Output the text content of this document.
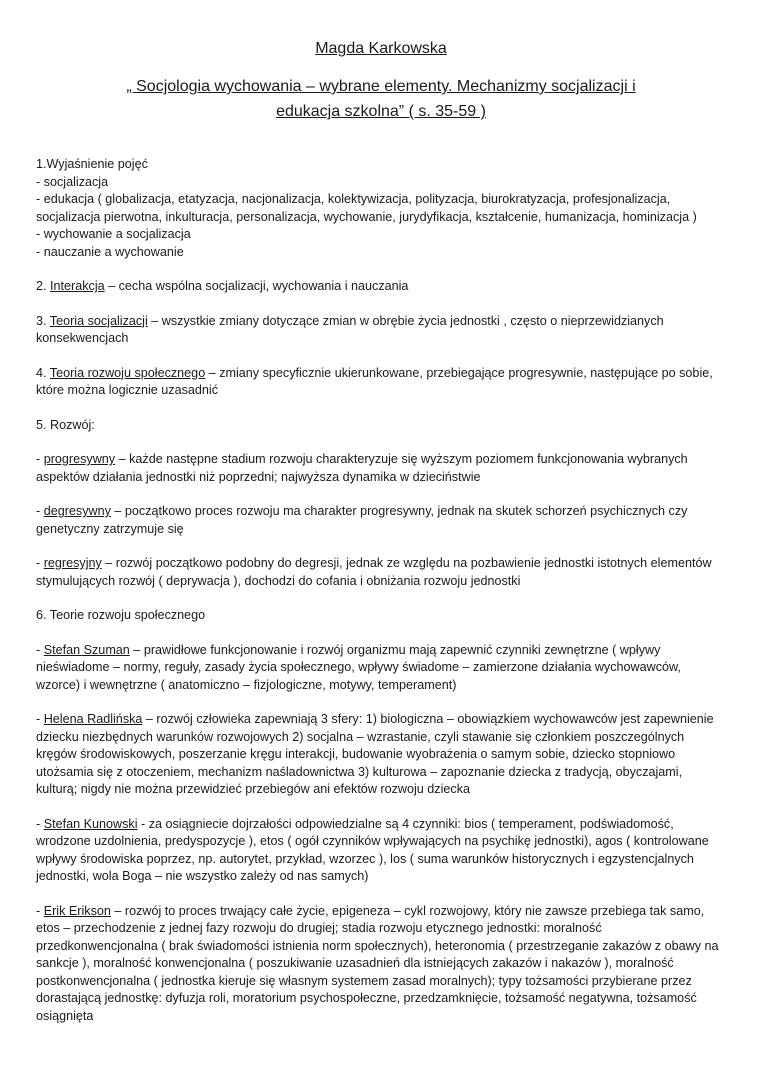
Magda Karkowska
„ Socjologia wychowania – wybrane elementy. Mechanizmy socjalizacji i edukacja szkolna” ( s. 35-59 )

1.Wyjaśnienie pojęć

- socjalizacja

- edukacja ( globalizacja, etatyzacja, nacjonalizacja, kolektywizacja, polityzacja, biurokratyzacja, profesjonalizacja, socjalizacja pierwotna, inkulturacja, personalizacja, wychowanie, jurydyfikacja, kształcenie, humanizacja, hominizacja )

- wychowanie a socjalizacja

- nauczanie a wychowanie

2. Interakcja – cecha wspólna socjalizacji, wychowania i nauczania

3. Teoria socjalizacji – wszystkie zmiany dotyczące zmian w obrębie życia jednostki , często o nieprzewidzianych konsekwencjach

4. Teoria rozwoju społecznego – zmiany specyficznie ukierunkowane, przebiegające progresywnie, następujące po sobie, które można logicznie uzasadnić

5. Rozwój:

- progresywny – każde następne stadium rozwoju charakteryzuje się wyższym poziomem funkcjonowania wybranych aspektów działania jednostki niż poprzedni; najwyższa dynamika w dzieciństwie

- degresywny – początkowo proces rozwoju ma charakter progresywny, jednak na skutek schorzeń psychicznych czy genetyczny zatrzymuje się

- regresyjny – rozwój początkowo podobny do degresji, jednak ze względu na pozbawienie jednostki istotnych elementów stymulujących rozwój ( deprywacja ), dochodzi do cofania i obniżania rozwoju jednostki

6. Teorie rozwoju społecznego

- Stefan Szuman – prawidłowe funkcjonowanie i rozwój organizmu mają zapewnić czynniki zewnętrzne ( wpływy nieświadome – normy, reguły, zasady życia społecznego, wpływy świadome – zamierzone działania wychowawców, wzorce) i wewnętrzne ( anatomiczno – fizjologiczne, motywy, temperament)

- Helena Radlińska – rozwój człowieka zapewniają 3 sfery: 1) biologiczna – obowiązkiem wychowawców jest zapewnienie dziecku niezbędnych warunków rozwojowych 2) socjalna – wzrastanie, czyli stawanie się członkiem poszczególnych kręgów środowiskowych, poszerzanie kręgu interakcji, budowanie wyobrażenia o samym sobie, dziecko stopniowo utożsamia się z otoczeniem, mechanizm naśladownictwa 3) kulturowa – zapoznanie dziecka z tradycją, obyczajami, kulturą; nigdy nie można przewidzieć przebiegów ani efektów rozwoju dziecka

- Stefan Kunowski - za osiągniecie dojrzałości odpowiedzialne są 4 czynniki: bios ( temperament, podświadomość, wrodzone uzdolnienia, predyspozycje ), etos ( ogół czynników wpływających na psychikę jednostki), agos ( kontrolowane wpływy środowiska poprzez, np. autorytet, przykład, wzorzec ), los ( suma warunków historycznych i egzystencjalnych jednostki, wola Boga – nie wszystko zależy od nas samych)

- Erik Erikson – rozwój to proces trwający całe życie, epigeneza – cykl rozwojowy, który nie zawsze przebiega tak samo, etos – przechodzenie z jednej fazy rozwoju do drugiej; stadia rozwoju etycznego jednostki: moralność przedkonwencjonalna ( brak świadomości istnienia norm społecznych), heteronomia ( przestrzeganie zakazów z obawy na sankcje ), moralność konwencjonalna ( poszukiwanie uzasadnień dla istniejących zakazów i nakazów ), moralność postkonwencjonalna ( jednostka kieruje się własnym systemem zasad moralnych); typy tożsamości przybierane przez dorastającą jednostkę: dyfuzja roli, moratorium psychospołeczne, przedzamknięcie, tożsamość negatywna, tożsamość osiągnięta
